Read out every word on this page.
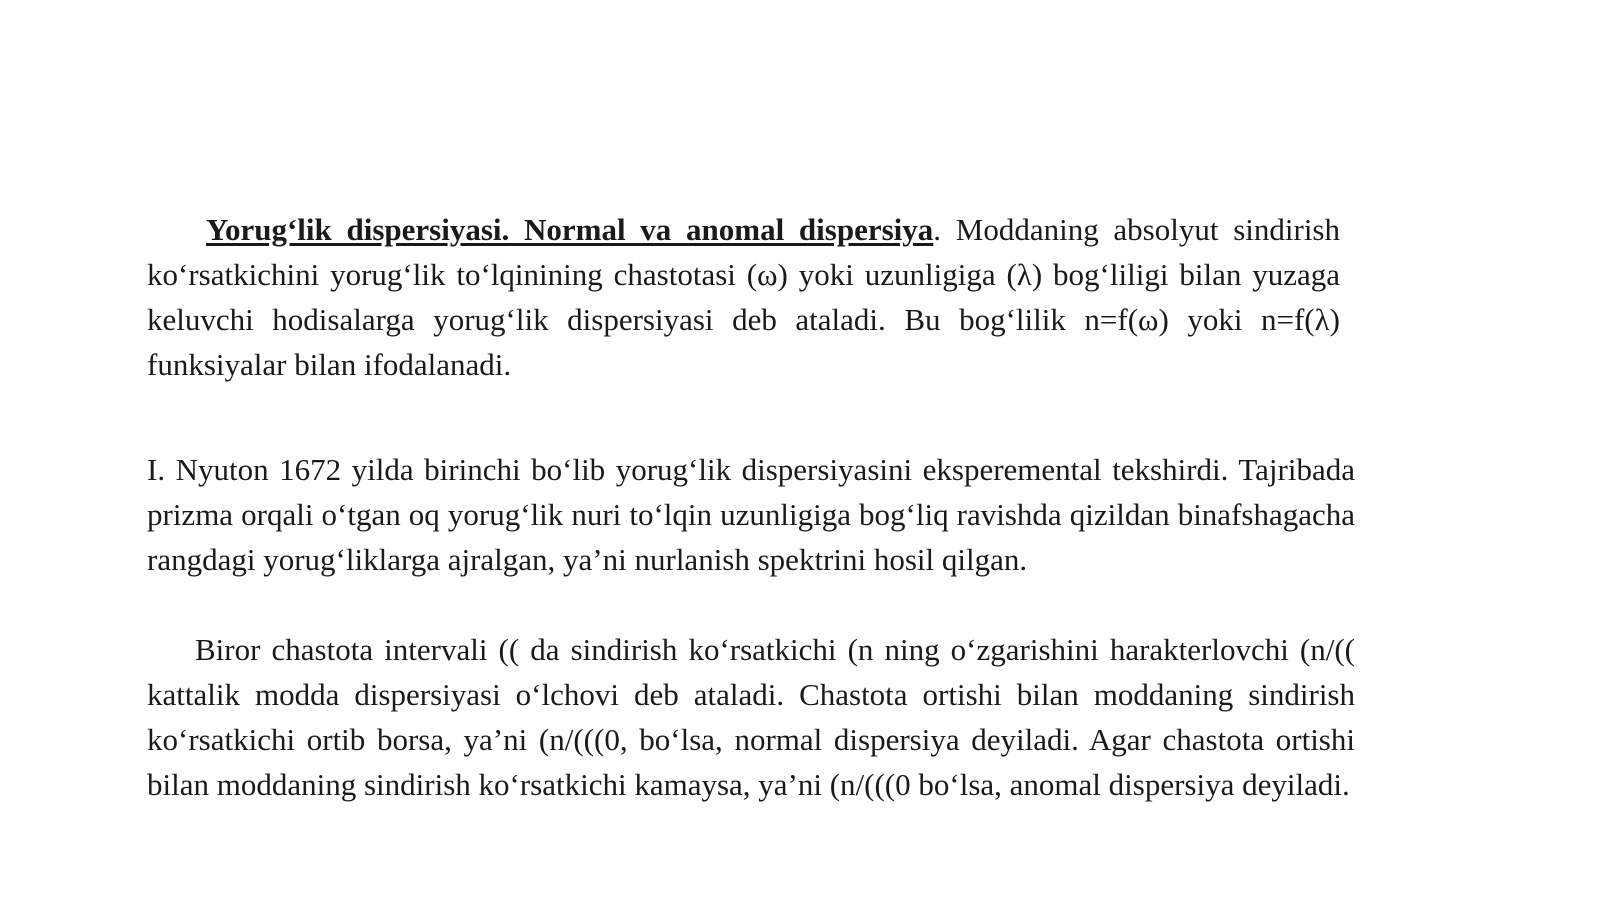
Yorug‘lik dispersiyasi. Normal va anomal dispersiya. Moddaning absolyut sindirish ko‘rsatkichini yorug‘lik to‘lqinining chastotasi (ω) yoki uzunligiga (λ) bog‘liligi bilan yuzaga keluvchi hodisalarga yorug‘lik dispersiyasi deb ataladi. Bu bog‘lilik n=f(ω) yoki n=f(λ) funksiyalar bilan ifodalanadi.

I. Nyuton 1672 yilda birinchi bo‘lib yorug‘lik dispersiyasini eksperemental tekshirdi. Tajribada prizma orqali o‘tgan oq yorug‘lik nuri to‘lqin uzunligiga bog‘liq ravishda qizildan binafshagacha rangdagi yorug‘liklarga ajralgan, ya’ni nurlanish spektrini hosil qilgan.

Biror chastota intervali (( da sindirish ko‘rsatkichi (n ning o‘zgarishini harakterlovchi (n/(( kattalik modda dispersiyasi o‘lchovi deb ataladi. Chastota ortishi bilan moddaning sindirish ko‘rsatkichi ortib borsa, ya’ni (n/(((0, bo‘lsa, normal dispersiya deyiladi. Agar chastota ortishi bilan moddaning sindirish ko‘rsatkichi kamaysa, ya’ni (n/(((0 bo‘lsa, anomal dispersiya deyiladi.
